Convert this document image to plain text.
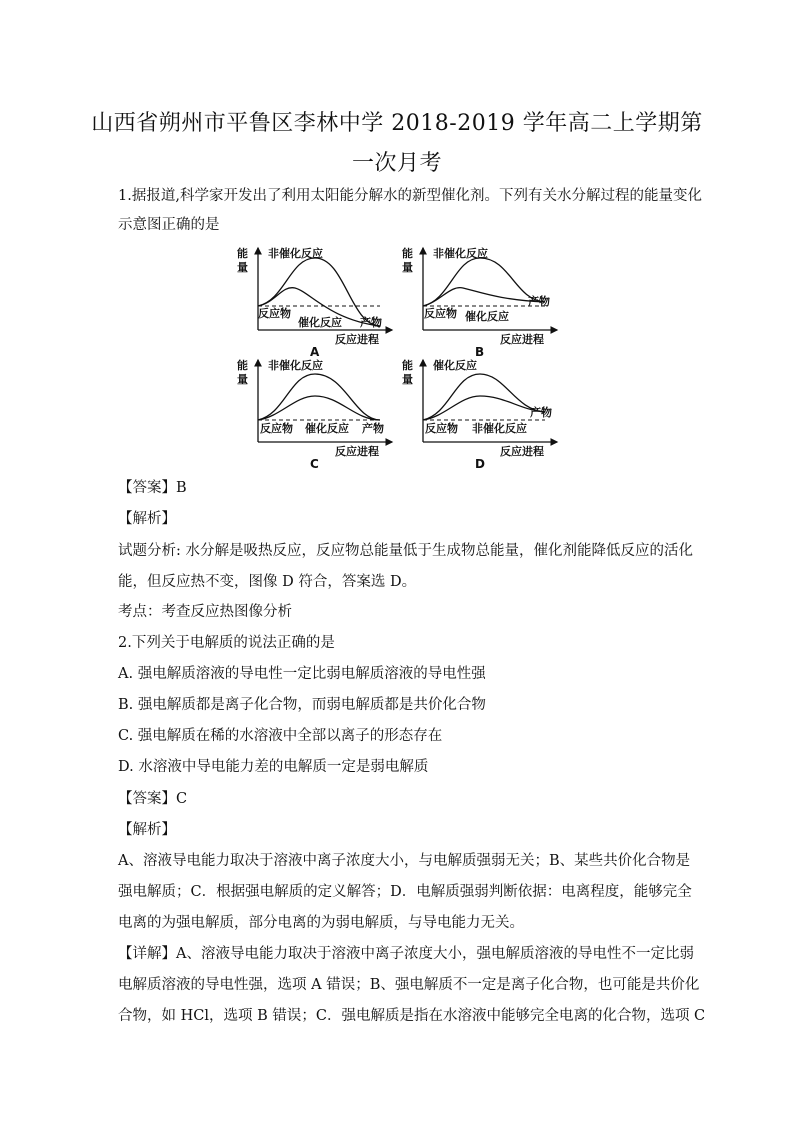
山西省朔州市平鲁区李林中学 2018-2019 学年高二上学期第
一次月考
1.据报道,科学家开发出了利用太阳能分解水的新型催化剂。下列有关水分解过程的能量变化
示意图正确的是
能
量
非催化反应
反应物
催化反应 产物
反应进程
A
能
量
非催化反应
反应物 催化反应
产物
反应进程
B
能
量
非催化反应
反应物 催化反应 产物
反应进程
C
能
量
催化反应
反应物 非催化反应
产物
反应进程
D
【答案】B
【解析】
试题分析: 水分解是吸热反应，反应物总能量低于生成物总能量，催化剂能降低反应的活化
能，但反应热不变，图像 D 符合，答案选 D。
考点：考查反应热图像分析
2.下列关于电解质的说法正确的是
A. 强电解质溶液的导电性一定比弱电解质溶液的导电性强
B. 强电解质都是离子化合物，而弱电解质都是共价化合物
C. 强电解质在稀的水溶液中全部以离子的形态存在
D. 水溶液中导电能力差的电解质一定是弱电解质
【答案】C
【解析】
A、溶液导电能力取决于溶液中离子浓度大小，与电解质强弱无关；B、某些共价化合物是
强电解质；C．根据强电解质的定义解答；D．电解质强弱判断依据：电离程度，能够完全
电离的为强电解质，部分电离的为弱电解质，与导电能力无关。
【详解】A、溶液导电能力取决于溶液中离子浓度大小，强电解质溶液的导电性不一定比弱
电解质溶液的导电性强，选项 A 错误；B、强电解质不一定是离子化合物，也可能是共价化
合物，如 HCl，选项 B 错误；C．强电解质是指在水溶液中能够完全电离的化合物，选项 C
